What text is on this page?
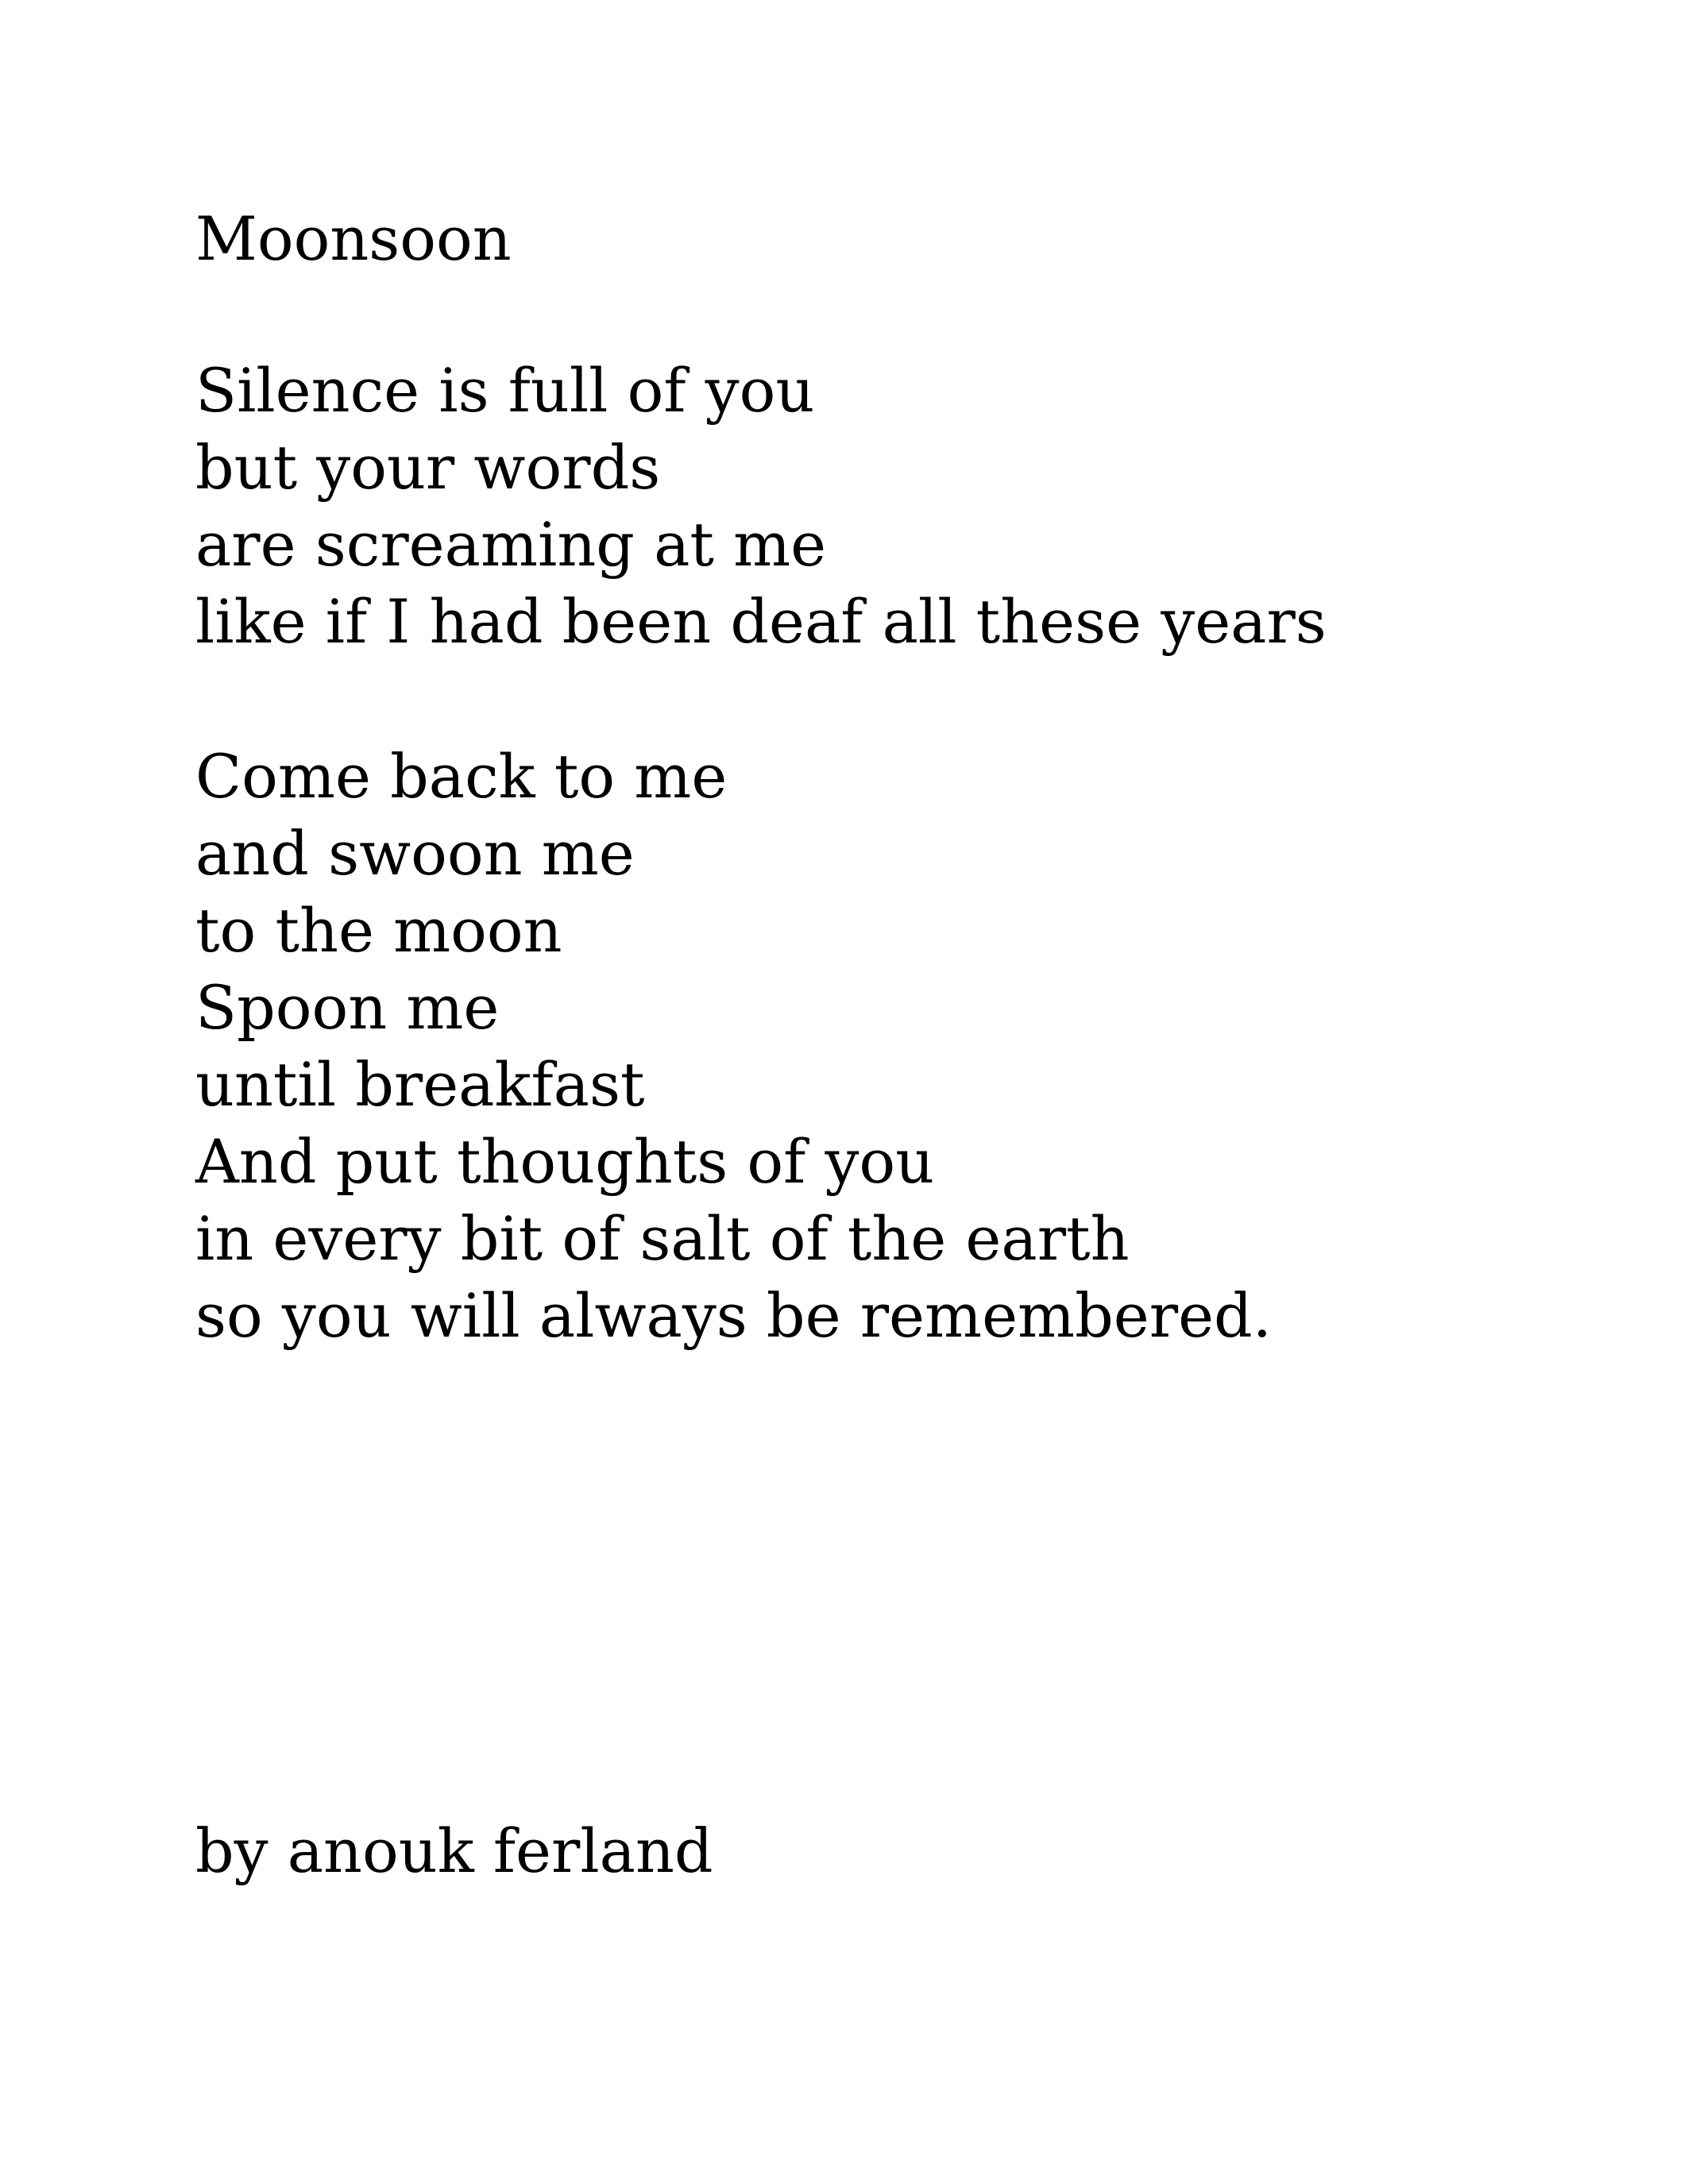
Moonsoon
Silence is full of you
but your words
are screaming at me
like if I had been deaf all these years
Come back to me
and swoon me
to the moon
Spoon me
until breakfast
And put thoughts of you
in every bit of salt of the earth
so you will always be remembered.
by anouk ferland
